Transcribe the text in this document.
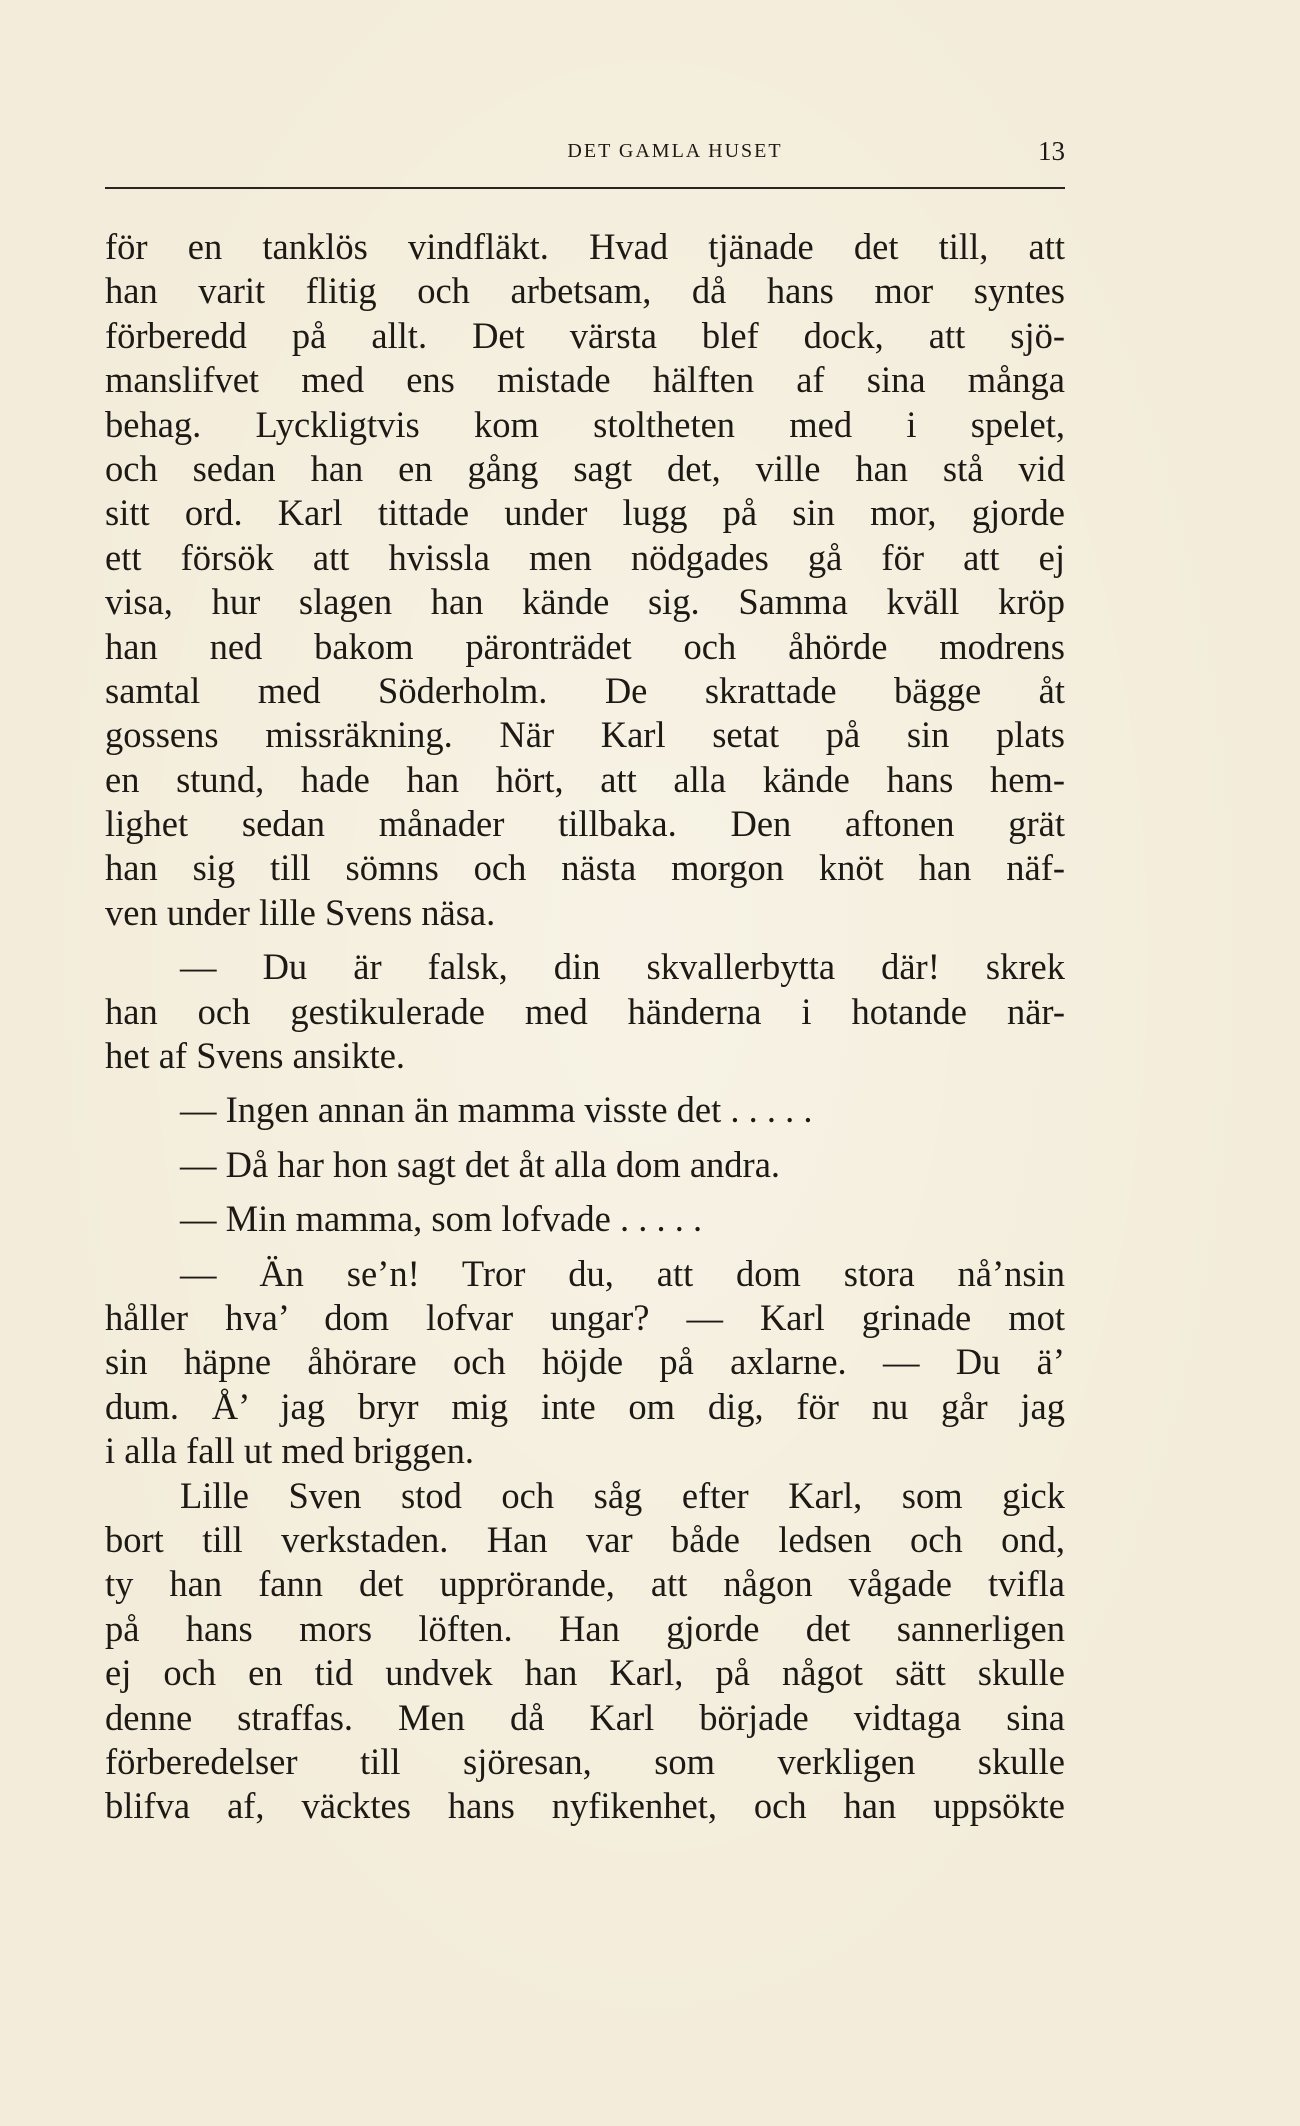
DET GAMLA HUSET	13
för en tanklös vindfläkt. Hvad tjänade det till, att
han varit flitig och arbetsam, då hans mor syntes
förberedd på allt. Det värsta blef dock, att sjö-
manslifvet med ens mistade hälften af sina många
behag. Lyckligtvis kom stoltheten med i spelet,
och sedan han en gång sagt det, ville han stå vid
sitt ord. Karl tittade under lugg på sin mor, gjorde
ett försök att hvissla men nödgades gå för att ej
visa, hur slagen han kände sig. Samma kväll kröp
han ned bakom päronträdet och åhörde modrens
samtal med Söderholm. De skrattade bägge åt
gossens missräkning. När Karl setat på sin plats
en stund, hade han hört, att alla kände hans hem-
lighet sedan månader tillbaka. Den aftonen grät
han sig till sömns och nästa morgon knöt han näf-
ven under lille Svens näsa.
— Du är falsk, din skvallerbytta där! skrek
han och gestikulerade med händerna i hotande när-
het af Svens ansikte.
— Ingen annan än mamma visste det . . . . .
— Då har hon sagt det åt alla dom andra.
— Min mamma, som lofvade . . . . .
— Än se’n! Tror du, att dom stora nå’nsin
håller hva’ dom lofvar ungar? — Karl grinade mot
sin häpne åhörare och höjde på axlarne. — Du ä’
dum. Å’ jag bryr mig inte om dig, för nu går jag
i alla fall ut med briggen.
Lille Sven stod och såg efter Karl, som gick
bort till verkstaden. Han var både ledsen och ond,
ty han fann det upprörande, att någon vågade tvifla
på hans mors löften. Han gjorde det sannerligen
ej och en tid undvek han Karl, på något sätt skulle
denne straffas. Men då Karl började vidtaga sina
förberedelser till sjöresan, som verkligen skulle
blifva af, väcktes hans nyfikenhet, och han uppsökte
